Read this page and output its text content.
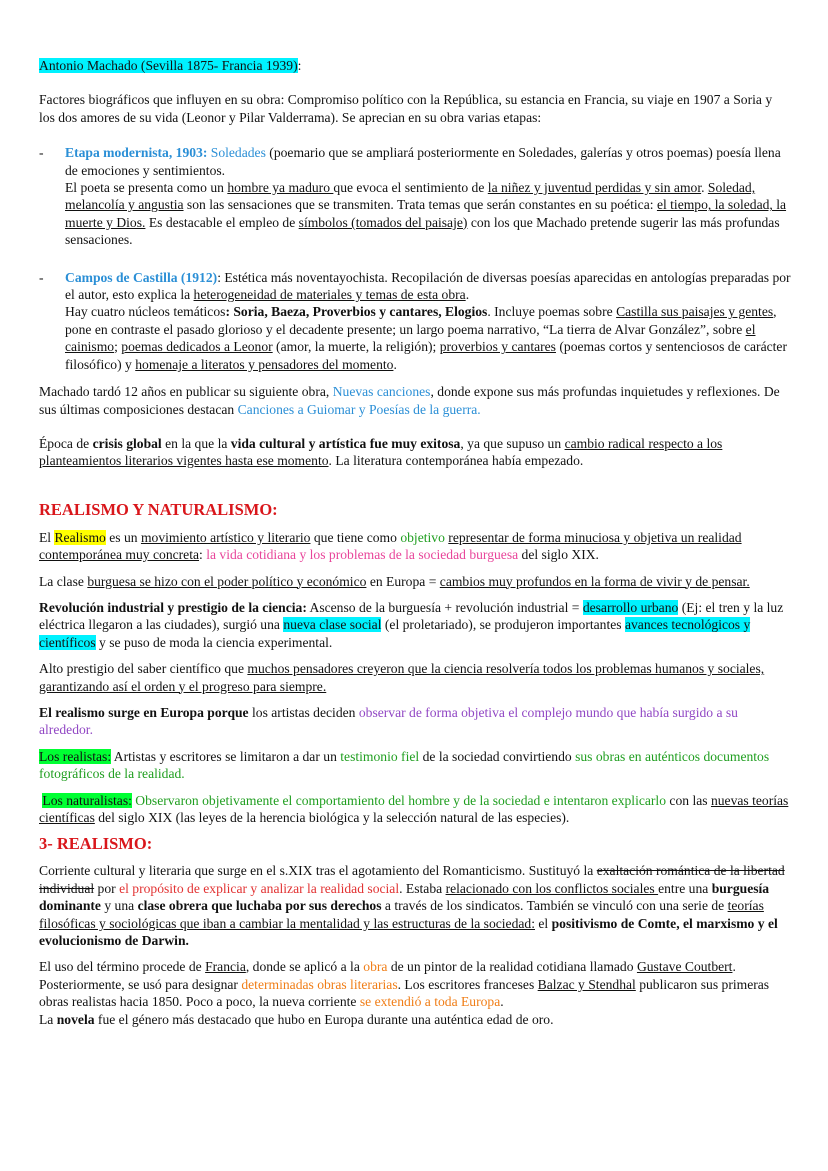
Antonio Machado (Sevilla 1875- Francia 1939):

Factores biográficos que influyen en su obra: Compromiso político con la República, su estancia en Francia, su viaje en 1907 a Soria y los dos amores de su vida (Leonor y Pilar Valderrama). Se aprecian en su obra varias etapas:

- Etapa modernista, 1903: Soledades (poemario que se ampliará posteriormente en Soledades, galerías y otros poemas) poesía llena de emociones y sentimientos.

El poeta se presenta como un hombre ya maduro que evoca el sentimiento de la niñez y juventud perdidas y sin amor. Soledad, melancolía y angustia son las sensaciones que se transmiten. Trata temas que serán constantes en su poética: el tiempo, la soledad, la muerte y Dios. Es destacable el empleo de símbolos (tomados del paisaje) con los que Machado pretende sugerir las más profundas sensaciones.

- Campos de Castilla (1912): Estética más noventayochista. Recopilación de diversas poesías aparecidas en antologías preparadas por el autor, esto explica la heterogeneidad de materiales y temas de esta obra.

Hay cuatro núcleos temáticos: Soria, Baeza, Proverbios y cantares, Elogios. Incluye poemas sobre Castilla sus paisajes y gentes, pone en contraste el pasado glorioso y el decadente presente; un largo poema narrativo, “La tierra de Alvar González”, sobre el cainismo; poemas dedicados a Leonor (amor, la muerte, la religión); proverbios y cantares (poemas cortos y sentenciosos de carácter filosófico) y homenaje a literatos y pensadores del momento.

Machado tardó 12 años en publicar su siguiente obra, Nuevas canciones, donde expone sus más profundas inquietudes y reflexiones. De sus últimas composiciones destacan Canciones a Guiomar y Poesías de la guerra.

Época de crisis global en la que la vida cultural y artística fue muy exitosa, ya que supuso un cambio radical respecto a los planteamientos literarios vigentes hasta ese momento. La literatura contemporánea había empezado.

REALISMO Y NATURALISMO:

El Realismo es un movimiento artístico y literario que tiene como objetivo representar de forma minuciosa y objetiva un realidad contemporánea muy concreta: la vida cotidiana y los problemas de la sociedad burguesa del siglo XIX.

La clase burguesa se hizo con el poder político y económico en Europa = cambios muy profundos en la forma de vivir y de pensar.

Revolución industrial y prestigio de la ciencia: Ascenso de la burguesía + revolución industrial = desarrollo urbano (Ej: el tren y la luz eléctrica llegaron a las ciudades), surgió una nueva clase social (el proletariado), se produjeron importantes avances tecnológicos y científicos y se puso de moda la ciencia experimental.

Alto prestigio del saber científico que muchos pensadores creyeron que la ciencia resolvería todos los problemas humanos y sociales, garantizando así el orden y el progreso para siempre.

El realismo surge en Europa porque los artistas deciden observar de forma objetiva el complejo mundo que había surgido a su alrededor.

Los realistas: Artistas y escritores se limitaron a dar un testimonio fiel de la sociedad convirtiendo sus obras en auténticos documentos fotográficos de la realidad.

Los naturalistas: Observaron objetivamente el comportamiento del hombre y de la sociedad e intentaron explicarlo con las nuevas teorías científicas del siglo XIX (las leyes de la herencia biológica y la selección natural de las especies).

3- REALISMO:

Corriente cultural y literaria que surge en el s.XIX tras el agotamiento del Romanticismo. Sustituyó la exaltación romántica de la libertad individual por el propósito de explicar y analizar la realidad social. Estaba relacionado con los conflictos sociales entre una burguesía dominante y una clase obrera que luchaba por sus derechos a través de los sindicatos. También se vinculó con una serie de teorías filosóficas y sociológicas que iban a cambiar la mentalidad y las estructuras de la sociedad: el positivismo de Comte, el marxismo y el evolucionismo de Darwin.

El uso del término procede de Francia, donde se aplicó a la obra de un pintor de la realidad cotidiana llamado Gustave Coutbert. Posteriormente, se usó para designar determinadas obras literarias. Los escritores franceses Balzac y Stendhal publicaron sus primeras obras realistas hacia 1850. Poco a poco, la nueva corriente se extendió a toda Europa.

La novela fue el género más destacado que hubo en Europa durante una auténtica edad de oro.
